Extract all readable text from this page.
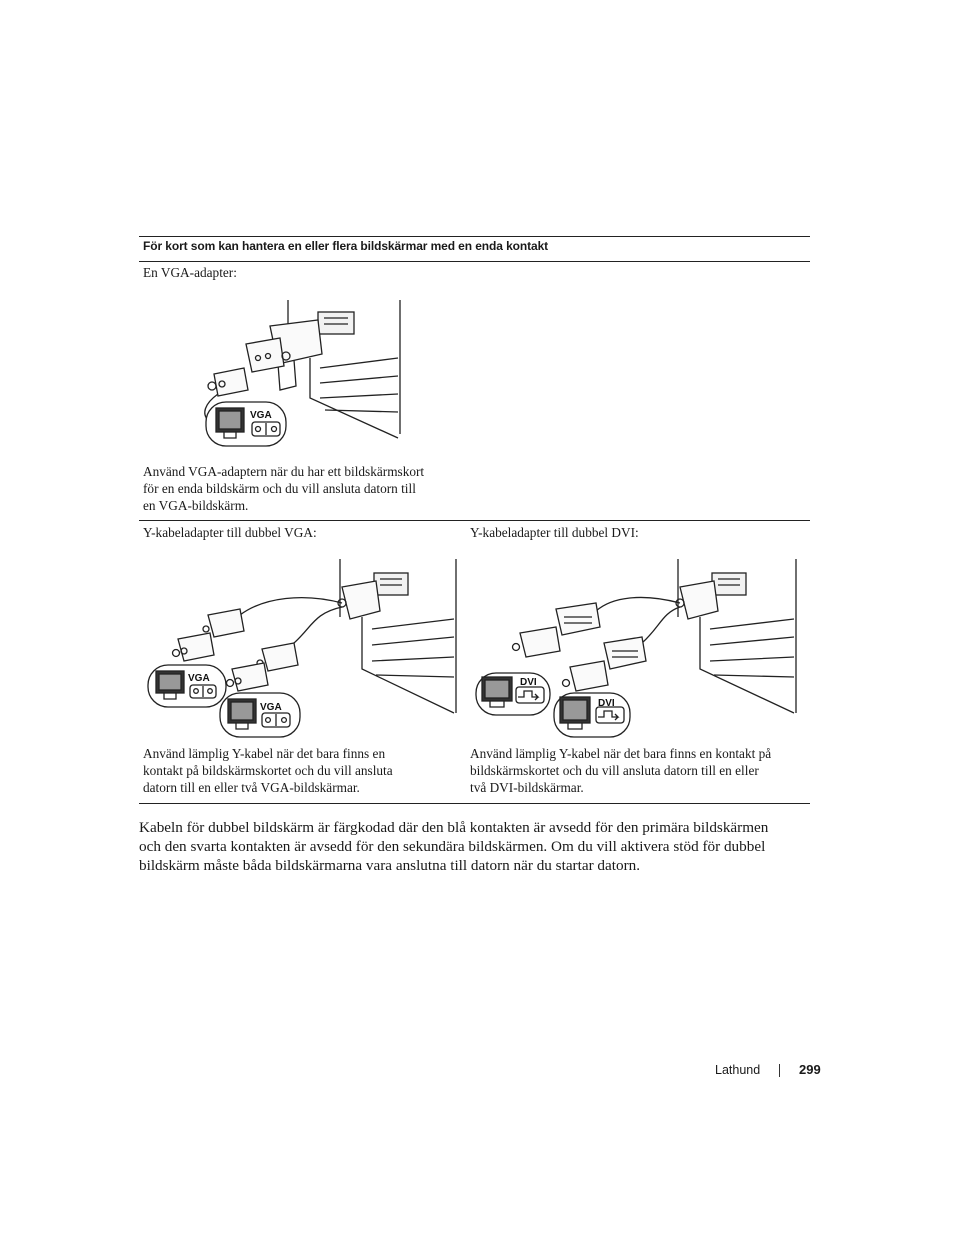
För kort som kan hantera en eller flera bildskärmar med en enda kontakt
En VGA-adapter:
VGA
Använd VGA-adaptern när du har ett bildskärmskort
för en enda bildskärm och du vill ansluta datorn till
en VGA-bildskärm.
Y-kabeladapter till dubbel VGA:
VGA
VGA
Använd lämplig Y-kabel när det bara finns en
kontakt på bildskärmskortet och du vill ansluta
datorn till en eller två VGA-bildskärmar.
Y-kabeladapter till dubbel DVI:
DVI
DVI
Använd lämplig Y-kabel när det bara finns en kontakt på
bildskärmskortet och du vill ansluta datorn till en eller
två DVI-bildskärmar.
Kabeln för dubbel bildskärm är färgkodad där den blå kontakten är avsedd för den primära bildskärmen
och den svarta kontakten är avsedd för den sekundära bildskärmen. Om du vill aktivera stöd för dubbel
bildskärm måste båda bildskärmarna vara anslutna till datorn när du startar datorn.
Lathund	299
